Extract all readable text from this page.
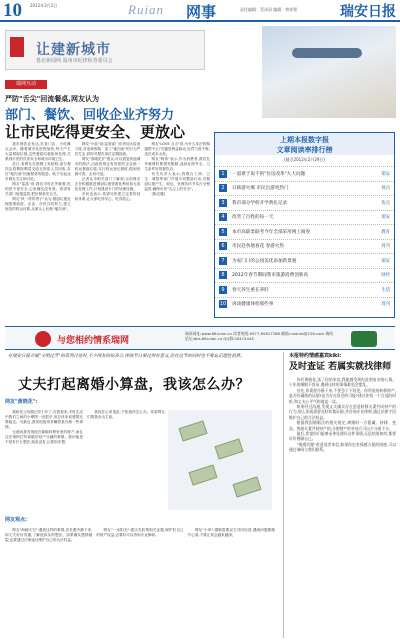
10 2012年3月2日	Ruian 网事	责任编辑：蔡泽清 编辑：曾祥程	瑞安日报
让建新城市
鲁北新闻网 温州市纪律检查委员会
瑞网互动
严防"舌尖"回流餐桌,网友认为
部门、餐饮、回收企业齐努力
让市民吃得更安全、更放心

我市餐饮业发达,饮食门店、小吃摊点众多。随着城市化进程加快,每天产生大量餐厨垃圾,这些餐厨垃圾如何处理,关系到市民的饮食安全和城市环境卫生。

近日,有网友在瑞网上发帖称,部分餐饮店将剩饭剩菜交给无资质人员回收,存在"地沟油"回流餐桌的隐患。帖子引起众多网友关注和讨论。

网友"雷晶"说:我们平时在外就餐,吃的是不是安全,心里确实没有底。希望有关部门加强监管,把好餐桌安全关。

网友"风一样的男子"认为,餐厨垃圾处理需要政府、企业、市民共同努力,建立规范的收运体系,从源头上杜绝"地沟油"。

网友"小蓝"说:监管部门应该加大检查力度,对违规收购、加工"地沟油"的行为严厉打击,同时对餐饮单位定期抽查。

网友"春暖花开"建议,可以借鉴其他城市的做法,由政府指定有资质的企业统一收运餐厨垃圾,实行收运登记制度,做到来源可查、去向可追。

记者从市相关部门了解到,目前我市正在积极推进餐厨垃圾资源化利用和无害化处理工作,计划建设专门的处理设施。

市民也表示,希望尽快建立完善的回收体系,让大家吃得安心、吃得放心。

网友"LOVE 点点"说:为什么非法收购屡禁不止?关键是利益驱动,处罚力度不够,违法成本太低。

网友"阿伟"表示,作为消费者,我们在外就餐时要擦亮眼睛,选择证照齐全、卫生条件好的餐饮店。

有关负责人表示,将联合工商、卫生、城管等部门开展专项整治行动,对餐厨垃圾产生、收运、处理各环节实行全程监管,确保市民"舌尖上的安全"。

(陈光耀)

上期本报数字报
文章阅读率排行榜
(截至2012年2月29日)
1	一道难于说不的"住房改革"九大问题	瑞安
2	日韩游火爆 市民出游更热门	视点
3	我市部分学校开学典礼记录	焦点
4	改善了百姓的每一天	瑞安
5	本市高职类联考今年全部采用网上阅卷	教育
6	市民赴各地看花 春游火热	周刊
7	为家门口的公园美化添加新景观	瑞安
8	2012年春节期间我市旅游消费创新高	财经
9	春天养生重在养肝	生活
10 再谈健康体检那些事	周刊
与您相约情系瑞网
瑞网网址:www.66ruian.cn 读者热线:0577-65817288 邮箱:ruianrb@126.com 瑞网论坛:bbs.66ruian.cn QQ群:26474444
在瑞安日报开展"文明过节"的系列讨论时,不少网友纷纷表示,传统节日要过得有意义,但在过节的同时也不要忘记理性消费。
丈夫打起离婚小算盘，我该怎么办？
网友"黄晓花":

我和老公结婚已经十年了,在我看来,平时生活中我们之间的小摩擦一直很多,但总体来说感情还算稳定。可最近,我发现他常常瞒着我办理一些事情。

无意间我发现他在偷偷转移家里的财产,而且还在悄悄打听离婚后财产分割的事情。我问他是不是有什么想法,他说没有,让我别多想。

我现在心里很乱,不知道该怎么办。希望网友们帮我出出主意。

网友观点:

网友"海阔天空":遇到这样的事情,首先要冷静下来,和丈夫好好沟通,了解他真实的想法。如果确实感情破裂,也要通过法律途径维护自己的合法权益。

网友"一米阳光":建议先收集相关证据,保护好自己的财产权益,必要时可以咨询专业律师。

网友"小草":婚姻需要双方共同经营,遇到问题要敞开心扉,不要让误会越来越深。

本报特约情感嘉宾kiki:
及时查证 若属实就找律师

你好黄晓花,读了你的来信,我能感受到你此刻复杂的心情。十年的婚姻不容易,遇到这样的事情难免会慌乱。

首先,你需要冷静下来,不要急于下结论。你所说的转移财产,是否有确凿的证据?是否存在误会的可能?建议你找一个合适的时机,和丈夫心平气和地谈一谈。

如果经过沟通,发现丈夫确实存在恶意转移夫妻共同财产的行为,那么你就需要及时收集证据,并咨询专业律师,通过法律手段维护自己的合法权益。

根据我国婚姻法的相关规定,离婚时一方隐藏、转移、变卖、毁损夫妻共同财产的,分割财产时对该方可以少分或不分。

最后,希望你们能够妥善处理好这件事情,无论结果如何,都要好好照顾自己。

"情感话题"欢迎读者来信,如果你也有情感方面的困惑,可以通过瑞网与我们联系。
